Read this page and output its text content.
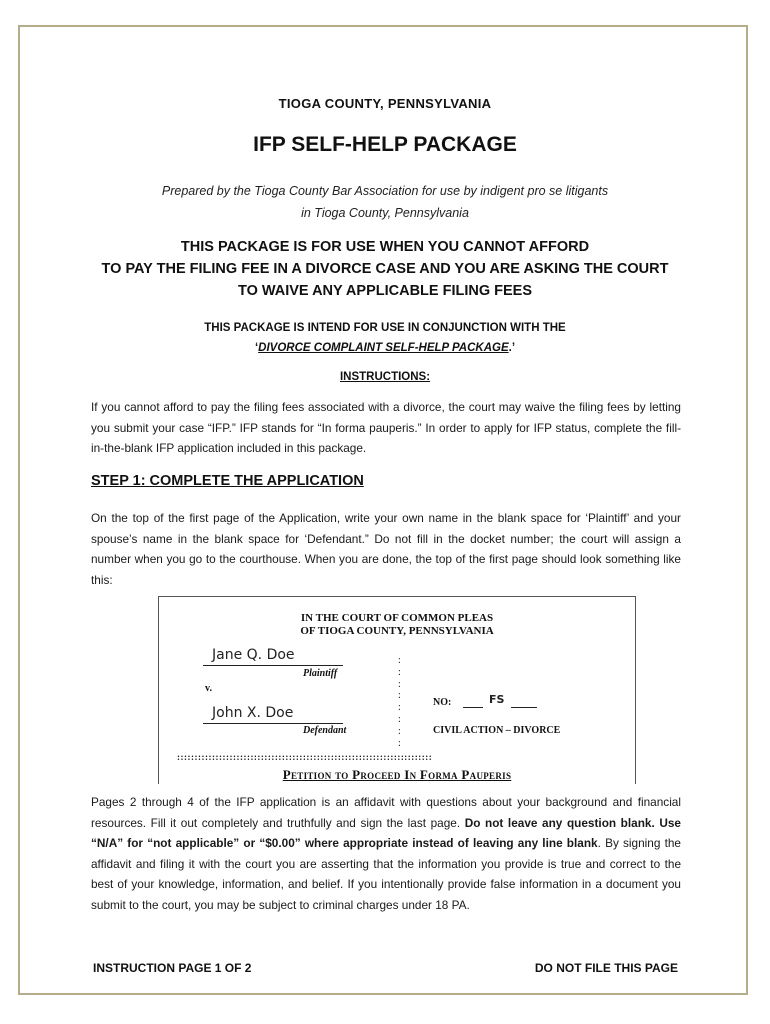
TIOGA COUNTY, PENNSYLVANIA
IFP SELF-HELP PACKAGE
Prepared by the Tioga County Bar Association for use by indigent pro se litigants
in Tioga County, Pennsylvania
THIS PACKAGE IS FOR USE WHEN YOU CANNOT AFFORD
TO PAY THE FILING FEE IN A DIVORCE CASE AND YOU ARE ASKING THE COURT
TO WAIVE ANY APPLICABLE FILING FEES
THIS PACKAGE IS INTEND FOR USE IN CONJUNCTION WITH THE
‘DIVORCE COMPLAINT SELF-HELP PACKAGE.’
INSTRUCTIONS:
If you cannot afford to pay the filing fees associated with a divorce, the court may waive the filing fees by letting you submit your case “IFP.” IFP stands for “In forma pauperis.” In order to apply for IFP status, complete the fill-in-the-blank IFP application included in this package.
STEP 1: COMPLETE THE APPLICATION
On the top of the first page of the Application, write your own name in the blank space for ‘Plaintiff’ and your spouse’s name in the blank space for ‘Defendant.” Do not fill in the docket number; the court will assign a number when you go to the courthouse. When you are done, the top of the first page should look something like this:
IN THE COURT OF COMMON PLEAS
OF TIOGA COUNTY, PENNSYLVANIA
Jane Q. Doe
Plaintiff
v.
John X. Doe
Defendant
:
:
:
:
:
:
:
:
NO:	FS
CIVIL ACTION – DIVORCE
:::::::::::::::::::::::::::::::::::::::::::::::::::::::::::::::::::::::::
Petition to Proceed In Forma Pauperis
Pages 2 through 4 of the IFP application is an affidavit with questions about your background and financial resources. Fill it out completely and truthfully and sign the last page. Do not leave any question blank. Use “N/A” for “not applicable” or “$0.00” where appropriate instead of leaving any line blank. By signing the affidavit and filing it with the court you are asserting that the information you provide is true and correct to the best of your knowledge, information, and belief. If you intentionally provide false information in a document you submit to the court, you may be subject to criminal charges under 18 PA.
INSTRUCTION PAGE 1 OF 2	DO NOT FILE THIS PAGE
